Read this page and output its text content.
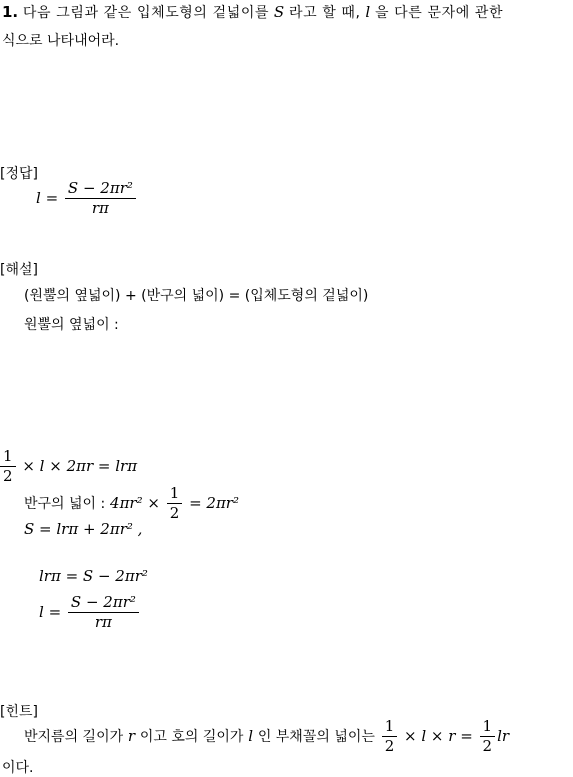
1. 다음 그림과 같은 입체도형의 겉넓이를 S 라고 할 때, l 을 다른 문자에 관한
식으로 나타내어라.
[정답]
$l = \frac{\text{S − 2πr²}}{r\pi}$
[해설]
(원뿔의 옆넓이) + (반구의 넓이) = (입체도형의 겉넓이)
원뿔의 옆넓이 :
$\frac{1}{2} \times l \times 2\pi r = lr\pi$
반구의 넓이 : $4\pi r^2 \times \frac{1}{2} = 2\pi r^2$
S = lrπ + 2πr² ,
lrπ = S − 2πr²
$l = \frac{\text{S − 2πr²}}{r\pi}$
[힌트]
반지름의 길이가 r 이고 호의 길이가 l 인 부채꼴의 넓이는 $\frac{1}{2} \times l \times r = \frac{1}{2}$ lr
이다.
